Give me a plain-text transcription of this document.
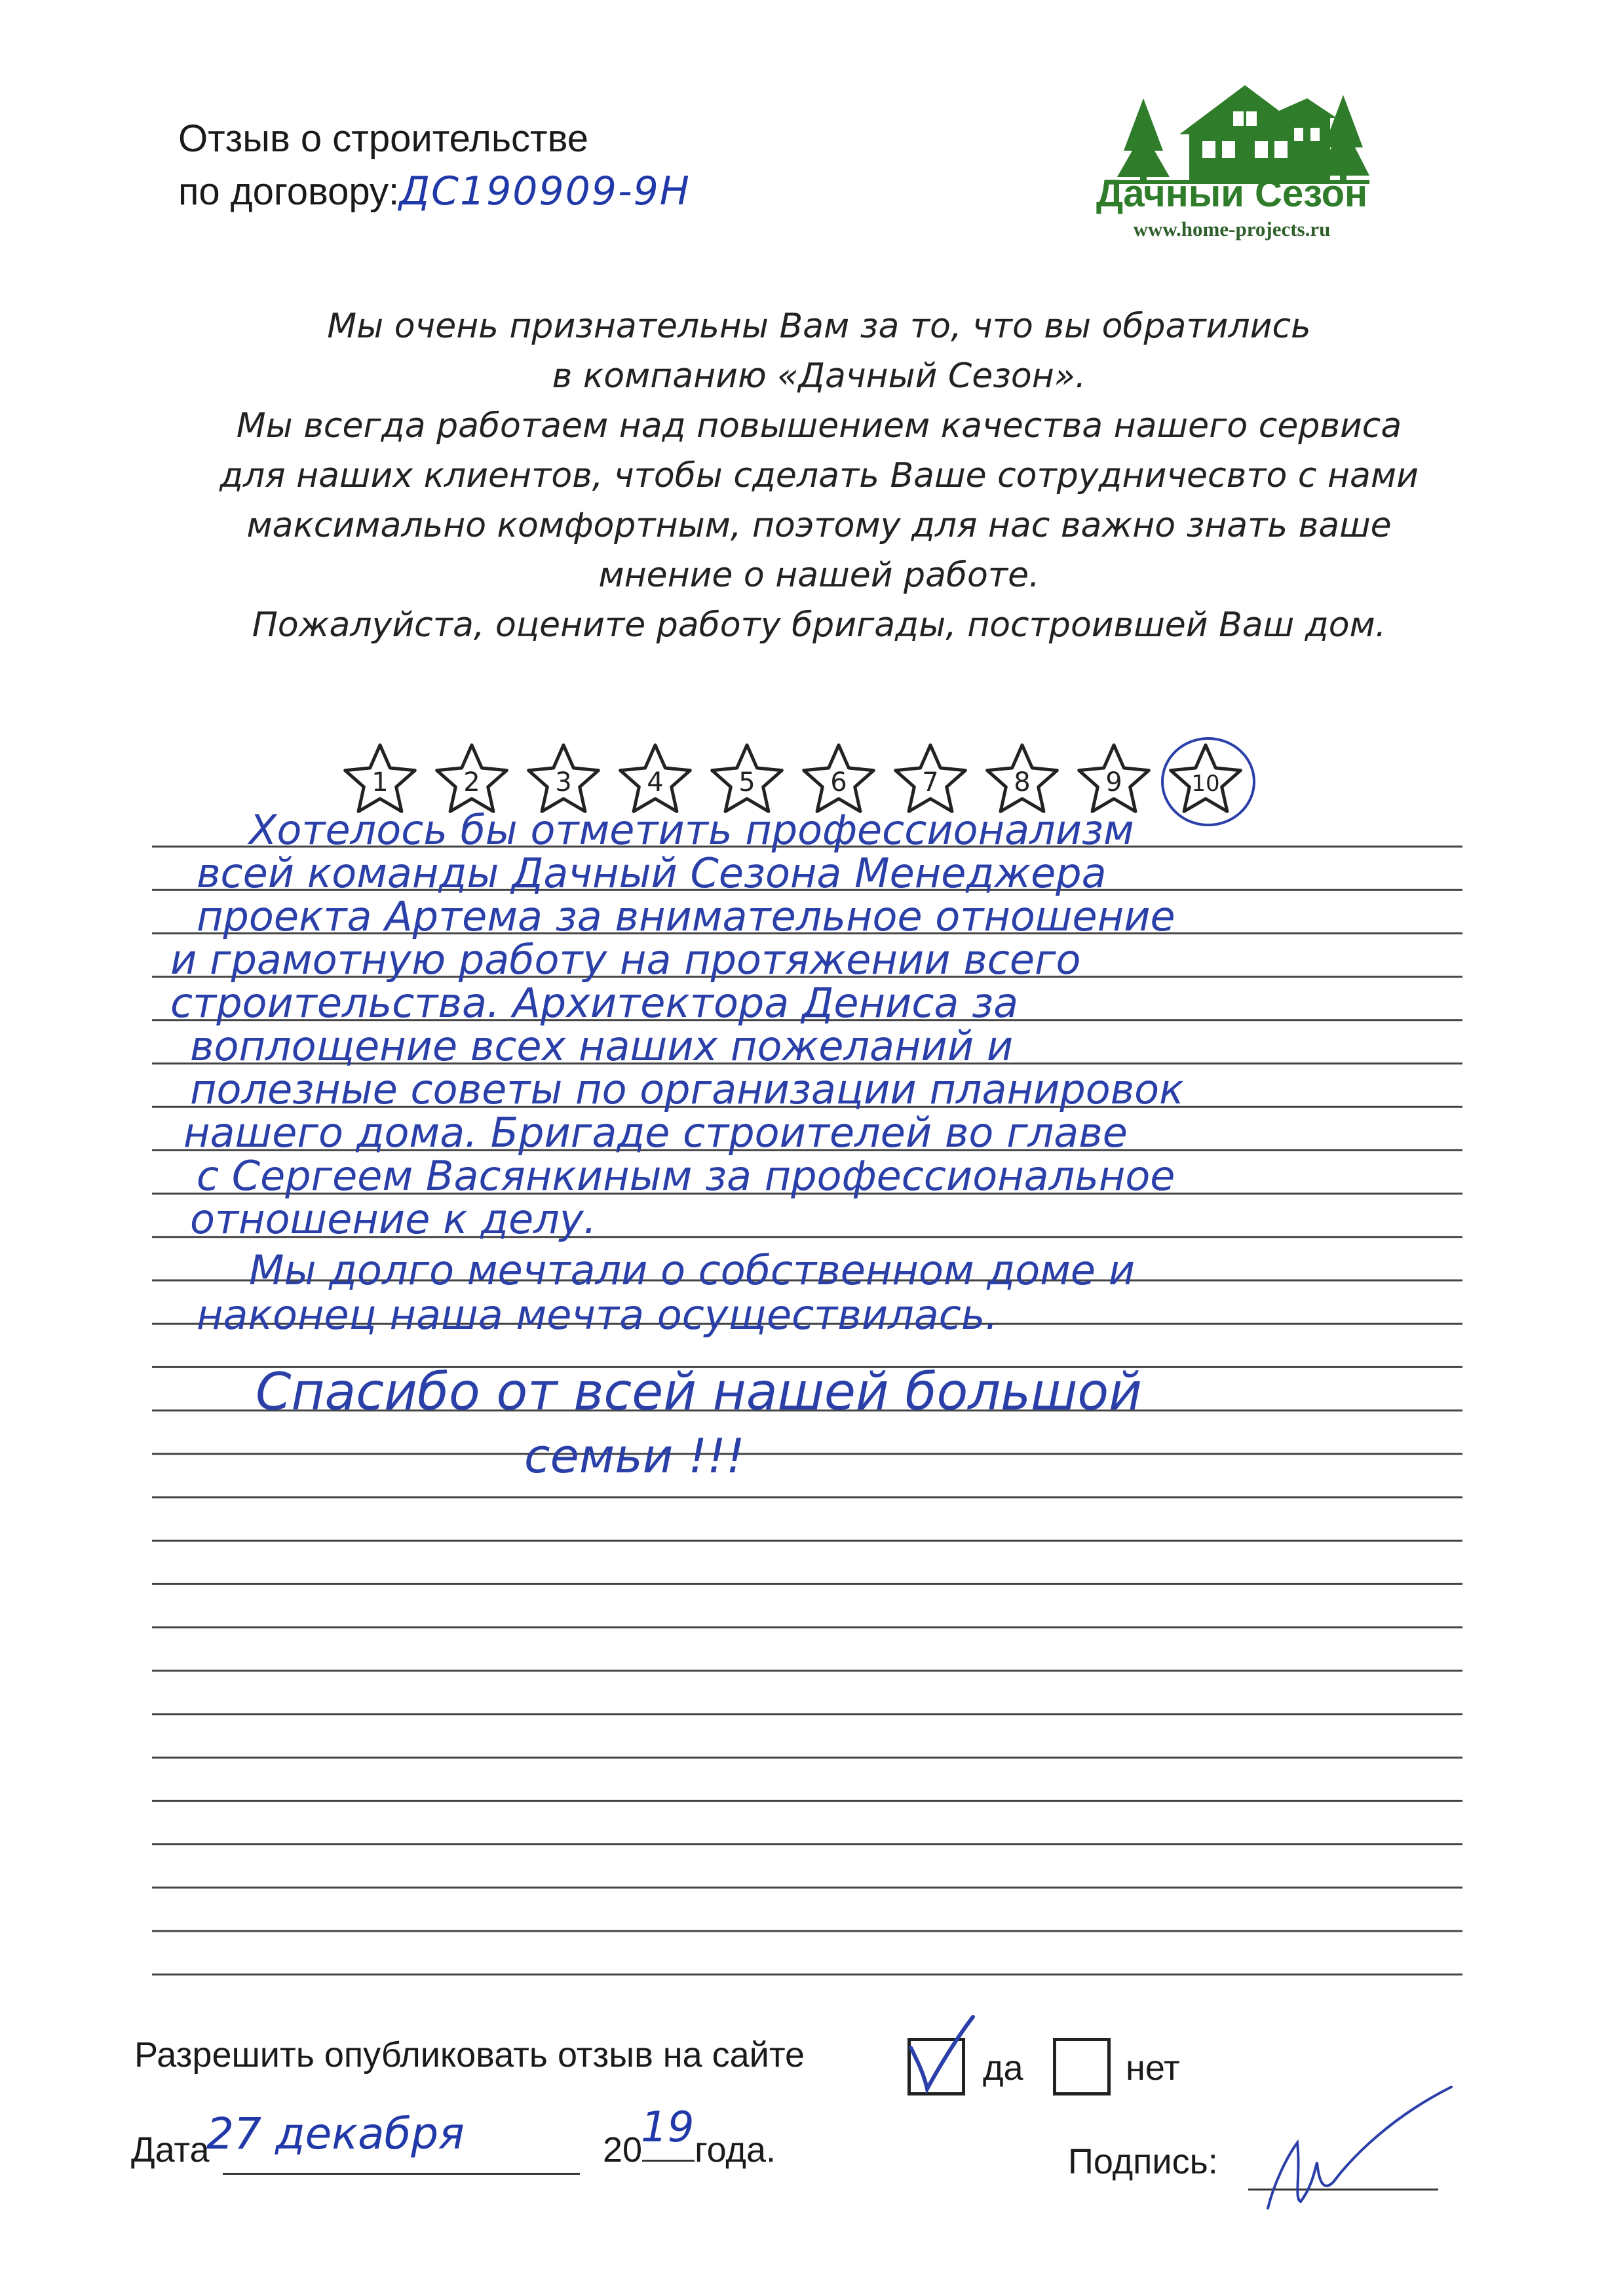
Отзыв о строительстве
по договору:ДС190909-9Н	Дачный Сезон
www.home-projects.ru
Мы очень признательны Вам за то, что вы обратились
в компанию «Дачный Сезон».
Мы всегда работаем над повышением качества нашего сервиса
для наших клиентов, чтобы сделать Ваше сотрудничесвто с нами
максимально комфортным, поэтому для нас важно знать ваше
мнение о нашей работе.
Пожалуйста, оцените работу бригады, построившей Ваш дом.
1	2	3	4	5	6	7	8	9	10
Хотелось бы отметить профессионализм
всей команды Дачный Сезона Менеджера
проекта Артема за внимательное отношение
и грамотную работу на протяжении всего
строительства. Архитектора Дениса за
воплощение всех наших пожеланий и
полезные советы по организации планировок
нашего дома. Бригаде строителей во главе
с Сергеем Васянкиным за профессиональное
отношение к делу.
Мы долго мечтали о собственном доме и
наконец наша мечта осуществилась.
Спасибо от всей нашей большой
семьи !!!
Разрешить опубликовать отзыв на сайте	да	нет
Дата
27 декабря	20 года.
19
Подпись:
